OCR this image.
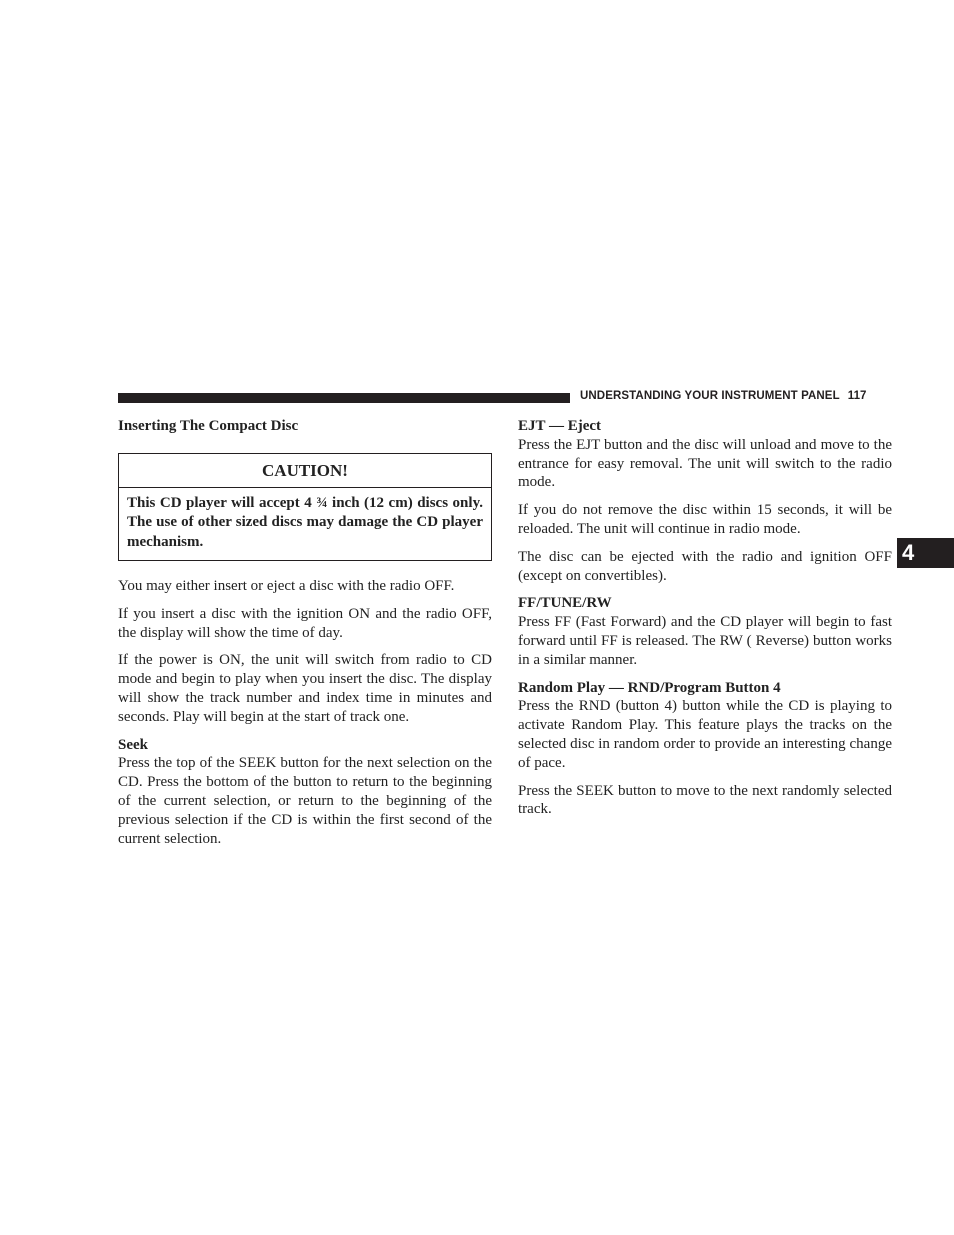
UNDERSTANDING YOUR INSTRUMENT PANEL 117
4
Inserting The Compact Disc
CAUTION!
This CD player will accept 4 ¾ inch (12 cm) discs only. The use of other sized discs may damage the CD player mechanism.

You may either insert or eject a disc with the radio OFF.

If you insert a disc with the ignition ON and the radio OFF, the display will show the time of day.

If the power is ON, the unit will switch from radio to CD mode and begin to play when you insert the disc. The display will show the track number and index time in minutes and seconds. Play will begin at the start of track one.

Seek

Press the top of the SEEK button for the next selection on the CD. Press the bottom of the button to return to the beginning of the current selection, or return to the beginning of the previous selection if the CD is within the first second of the current selection.

EJT — Eject

Press the EJT button and the disc will unload and move to the entrance for easy removal. The unit will switch to the radio mode.

If you do not remove the disc within 15 seconds, it will be reloaded. The unit will continue in radio mode.

The disc can be ejected with the radio and ignition OFF (except on convertibles).

FF/TUNE/RW

Press FF (Fast Forward) and the CD player will begin to fast forward until FF is released. The RW ( Reverse) button works in a similar manner.

Random Play — RND/Program Button 4

Press the RND (button 4) button while the CD is playing to activate Random Play. This feature plays the tracks on the selected disc in random order to provide an interesting change of pace.

Press the SEEK button to move to the next randomly selected track.
